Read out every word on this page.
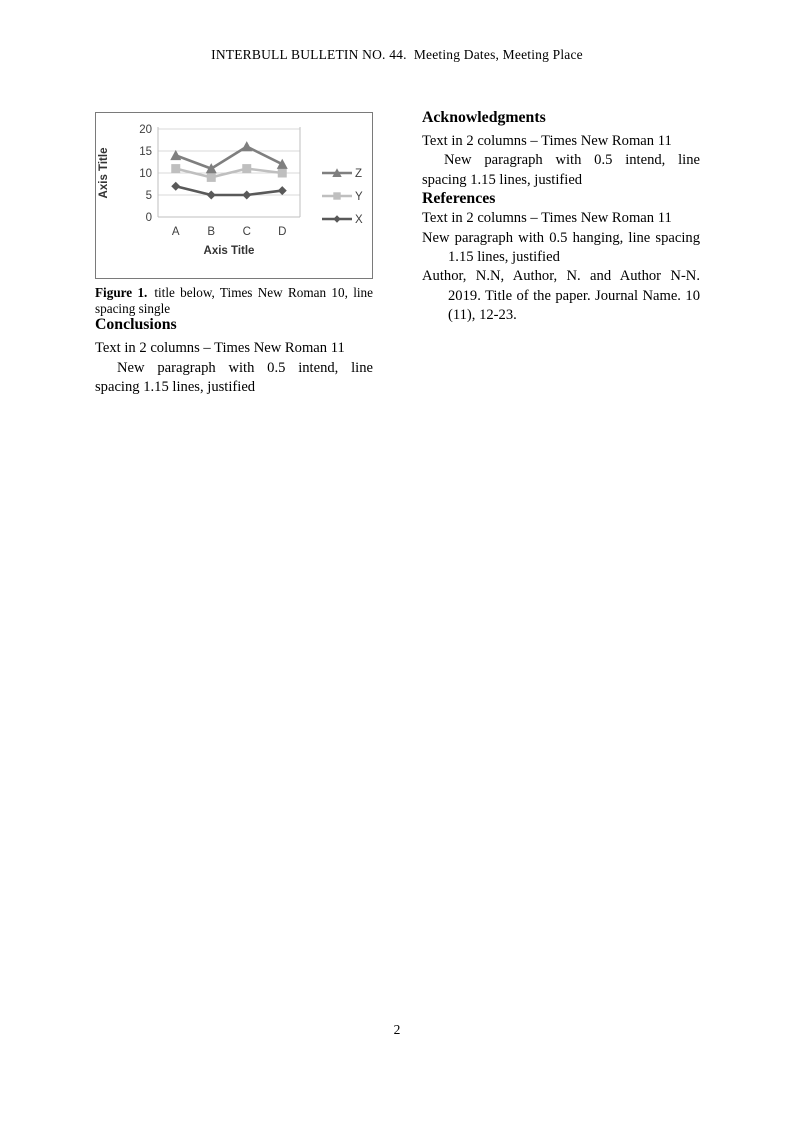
INTERBULL BULLETIN NO. 44.  Meeting Dates, Meeting Place
0
5
10
15
20
A B C D
Axis Title
Axis Title	Z
Y
X
Figure 1. title below, Times New Roman 10, line spacing single
Conclusions

Text in 2 columns – Times New Roman 11

New paragraph with 0.5 intend, line spacing 1.15 lines, justified

Acknowledgments

Text in 2 columns – Times New Roman 11

New paragraph with 0.5 intend, line spacing 1.15 lines, justified

References

Text in 2 columns – Times New Roman 11

New paragraph with 0.5 hanging, line spacing 1.15 lines, justified

Author, N.N, Author, N. and Author N-N. 2019. Title of the paper. Journal Name. 10 (11), 12-23.

2
